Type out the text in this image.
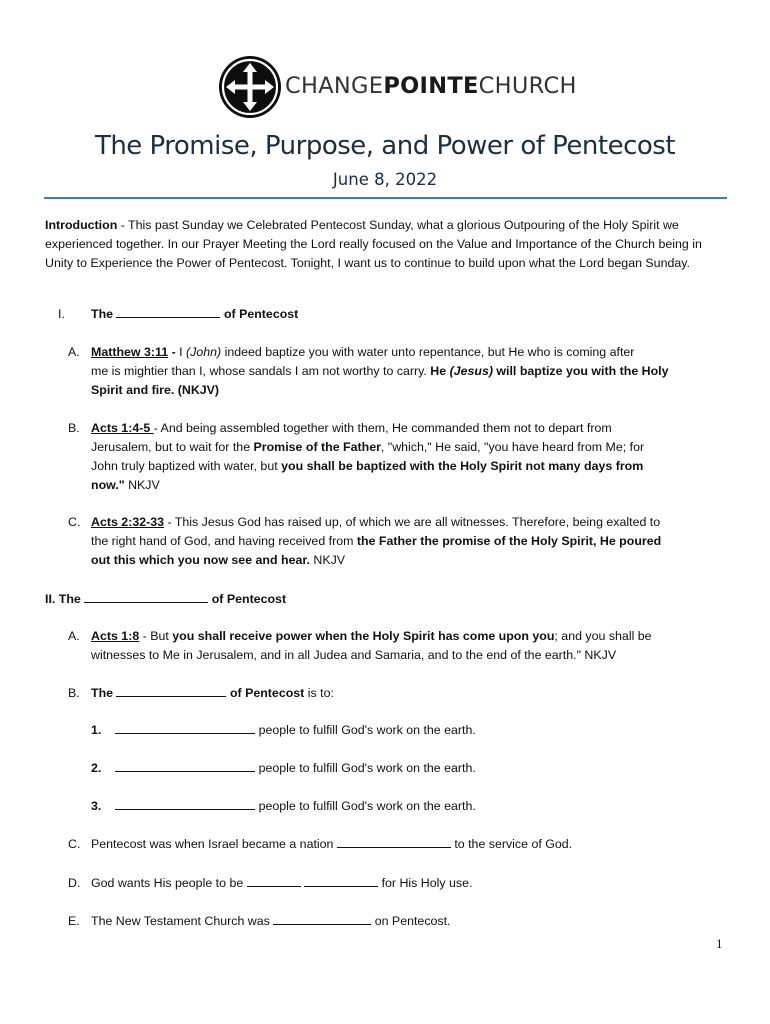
CHANGEPOINTECHURCH
The Promise, Purpose, and Power of Pentecost
June 8, 2022
Introduction - This past Sunday we Celebrated Pentecost Sunday, what a glorious Outpouring of the Holy Spirit we experienced together. In our Prayer Meeting the Lord really focused on the Value and Importance of the Church being in Unity to Experience the Power of Pentecost. Tonight, I want us to continue to build upon what the Lord began Sunday.
I. The	of Pentecost
A. Matthew 3:11 - I (John) indeed baptize you with water unto repentance, but He who is coming after
me is mightier than I, whose sandals I am not worthy to carry. He (Jesus) will baptize you with the Holy
Spirit and fire. (NKJV)
B. Acts 1:4-5 - And being assembled together with them, He commanded them not to depart from
Jerusalem, but to wait for the Promise of the Father, "which," He said, "you have heard from Me; for
John truly baptized with water, but you shall be baptized with the Holy Spirit not many days from
now." NKJV
C. Acts 2:32-33 - This Jesus God has raised up, of which we are all witnesses. Therefore, being exalted to
the right hand of God, and having received from the Father the promise of the Holy Spirit, He poured
out this which you now see and hear. NKJV
II. The	of Pentecost
A. Acts 1:8 - But you shall receive power when the Holy Spirit has come upon you; and you shall be
witnesses to Me in Jerusalem, and in all Judea and Samaria, and to the end of the earth." NKJV
B. The	of Pentecost is to:
1.	people to fulfill God's work on the earth.
2.	people to fulfill God's work on the earth.
3.	people to fulfill God's work on the earth.
C. Pentecost was when Israel became a nation	to the service of God.
D. God wants His people to be	for His Holy use.
E. The New Testament Church was	on Pentecost.
1
